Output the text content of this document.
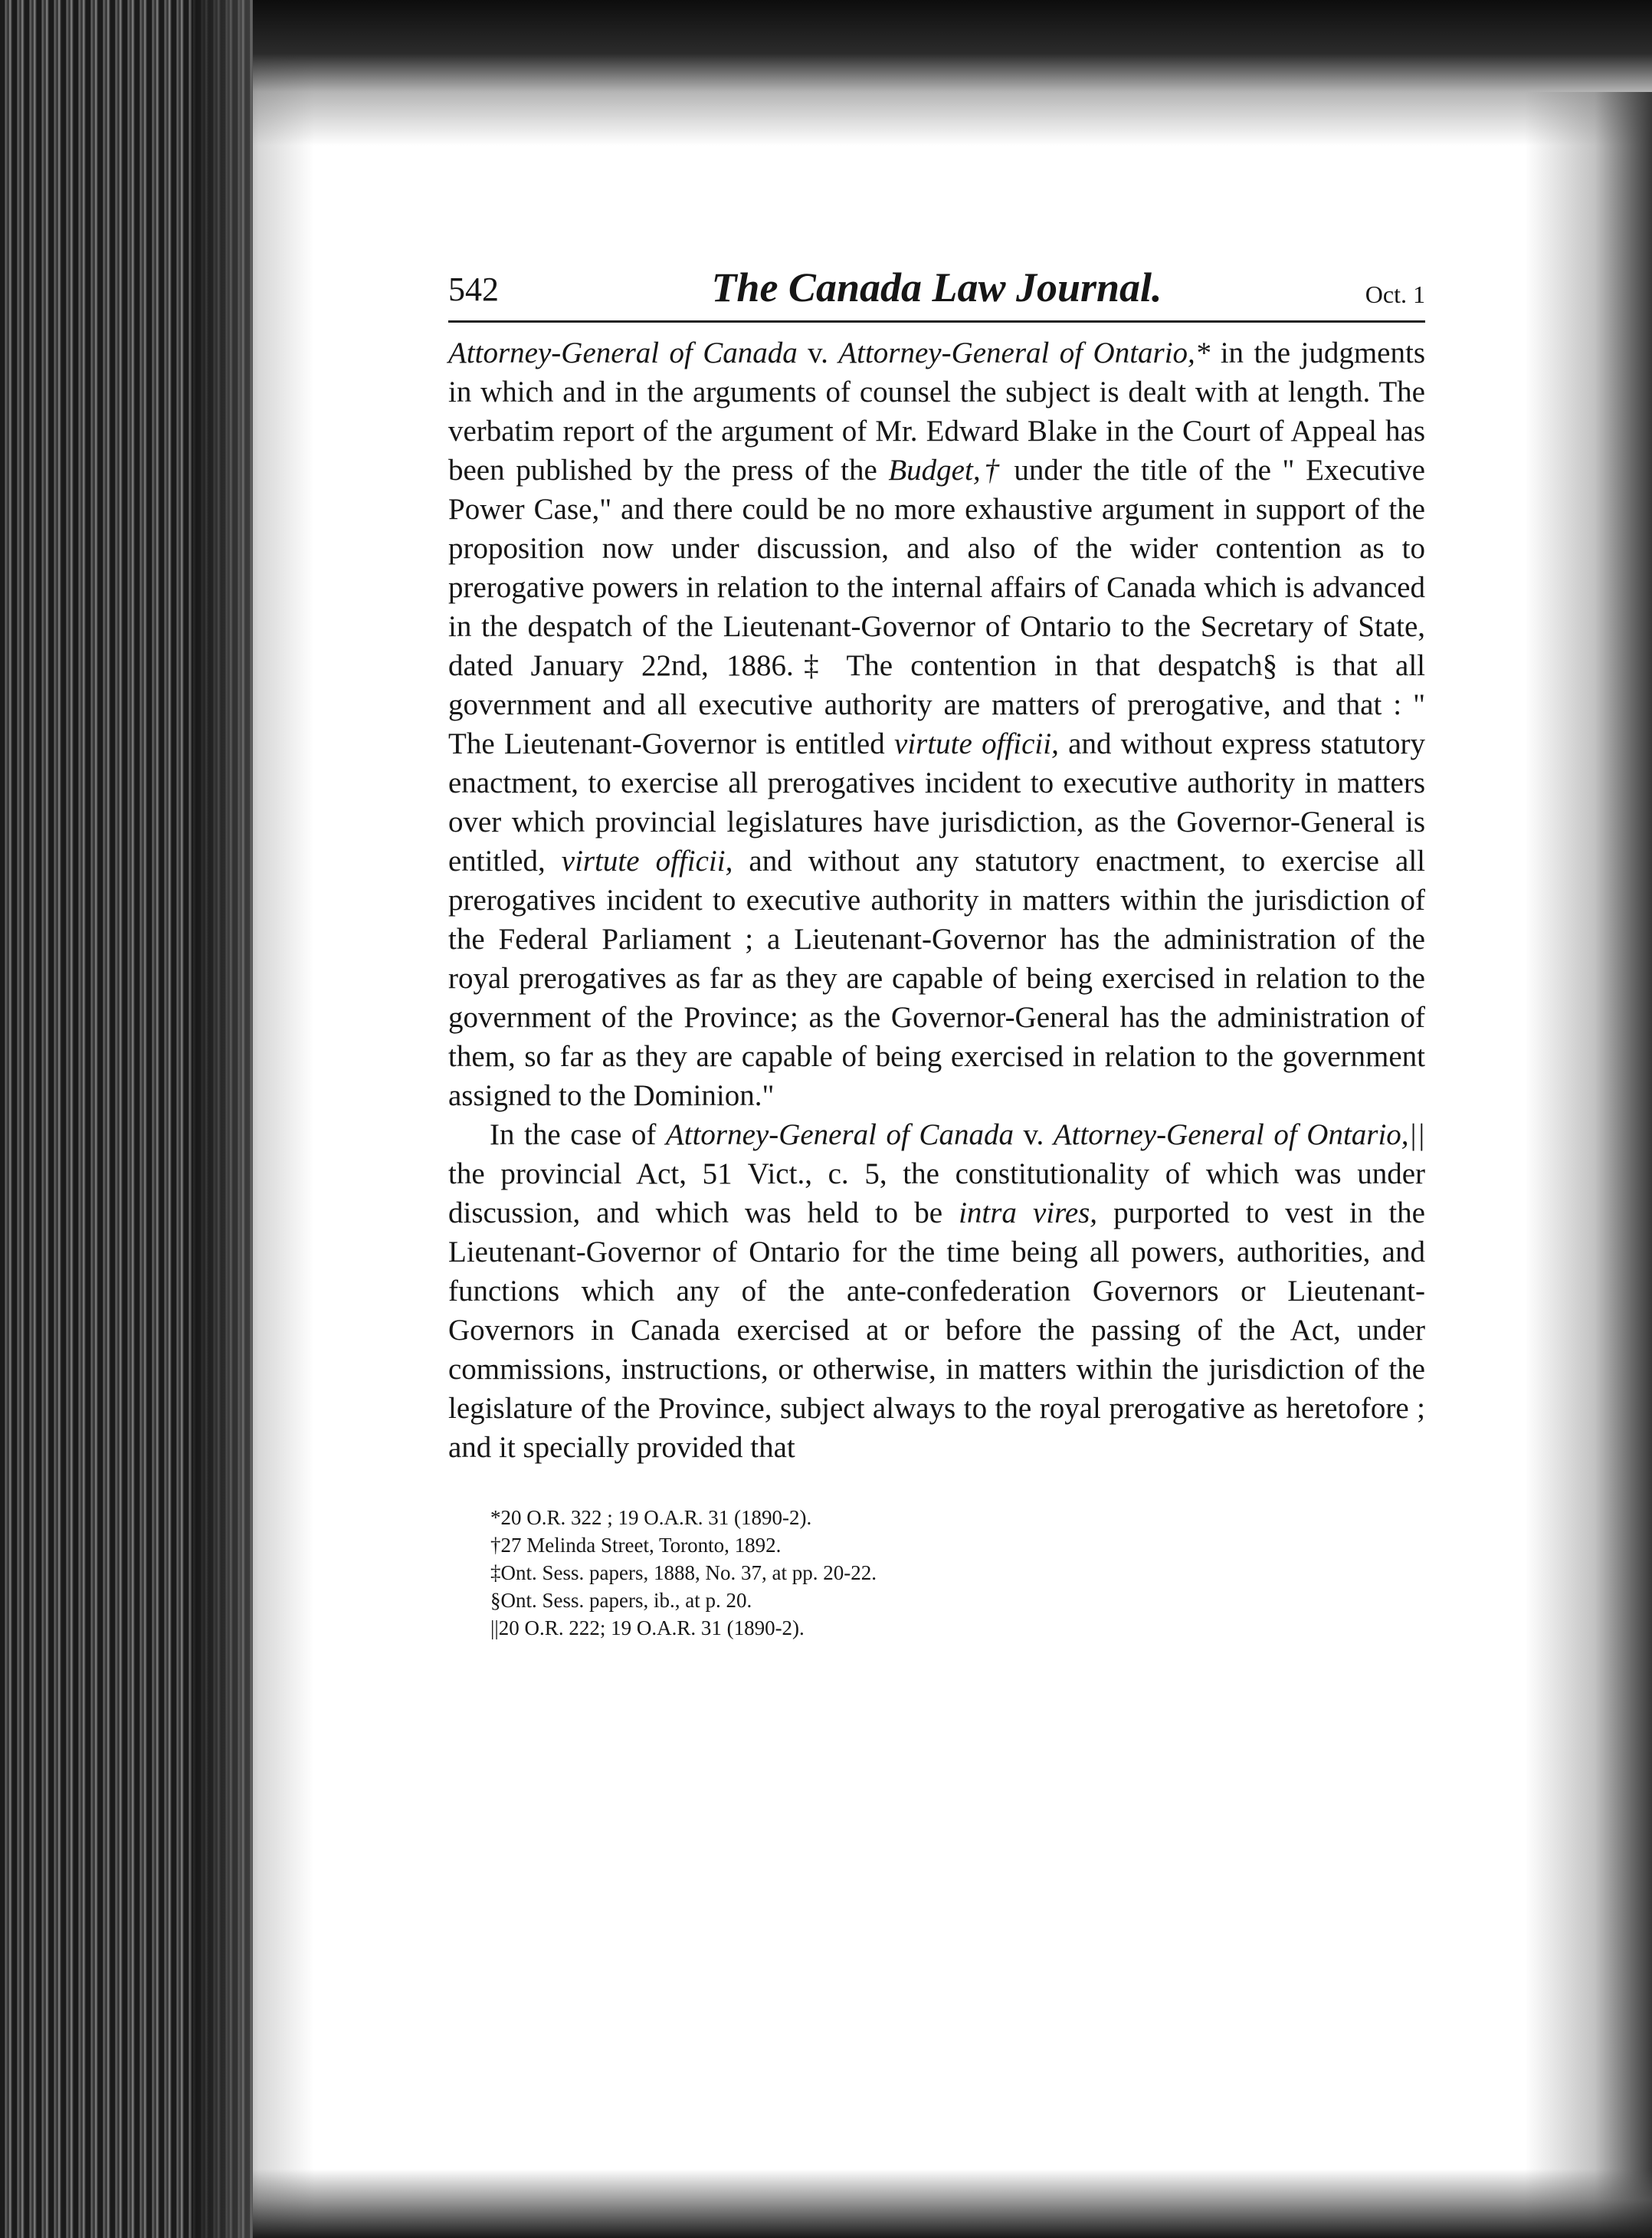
542	The Canada Law Journal.	Oct. 1

Attorney-General of Canada v. Attorney-General of Ontario,* in the judgments in which and in the arguments of counsel the subject is dealt with at length. The verbatim report of the argument of Mr. Edward Blake in the Court of Appeal has been published by the press of the Budget,† under the title of the " Executive Power Case," and there could be no more exhaustive argument in support of the proposition now under discussion, and also of the wider contention as to prerogative powers in relation to the internal affairs of Canada which is advanced in the despatch of the Lieutenant-Governor of Ontario to the Secretary of State, dated January 22nd, 1886.‡ The contention in that despatch§ is that all government and all executive authority are matters of prerogative, and that : " The Lieutenant-Governor is entitled virtute officii, and without express statutory enactment, to exercise all prerogatives incident to executive authority in matters over which provincial legislatures have jurisdiction, as the Governor-General is entitled, virtute officii, and without any statutory enactment, to exercise all prerogatives incident to executive authority in matters within the jurisdiction of the Federal Parliament ; a Lieutenant-Governor has the administration of the royal prerogatives as far as they are capable of being exercised in relation to the government of the Province; as the Governor-General has the administration of them, so far as they are capable of being exercised in relation to the government assigned to the Dominion."

In the case of Attorney-General of Canada v. Attorney-General of Ontario,|| the provincial Act, 51 Vict., c. 5, the constitutionality of which was under discussion, and which was held to be intra vires, purported to vest in the Lieutenant-Governor of Ontario for the time being all powers, authorities, and functions which any of the ante-confederation Governors or Lieutenant-Governors in Canada exercised at or before the passing of the Act, under commissions, instructions, or otherwise, in matters within the jurisdiction of the legislature of the Province, subject always to the royal prerogative as heretofore ; and it specially provided that

*20 O.R. 322 ; 19 O.A.R. 31 (1890-2).
†27 Melinda Street, Toronto, 1892.
‡Ont. Sess. papers, 1888, No. 37, at pp. 20-22.
§Ont. Sess. papers, ib., at p. 20.
||20 O.R. 222; 19 O.A.R. 31 (1890-2).
